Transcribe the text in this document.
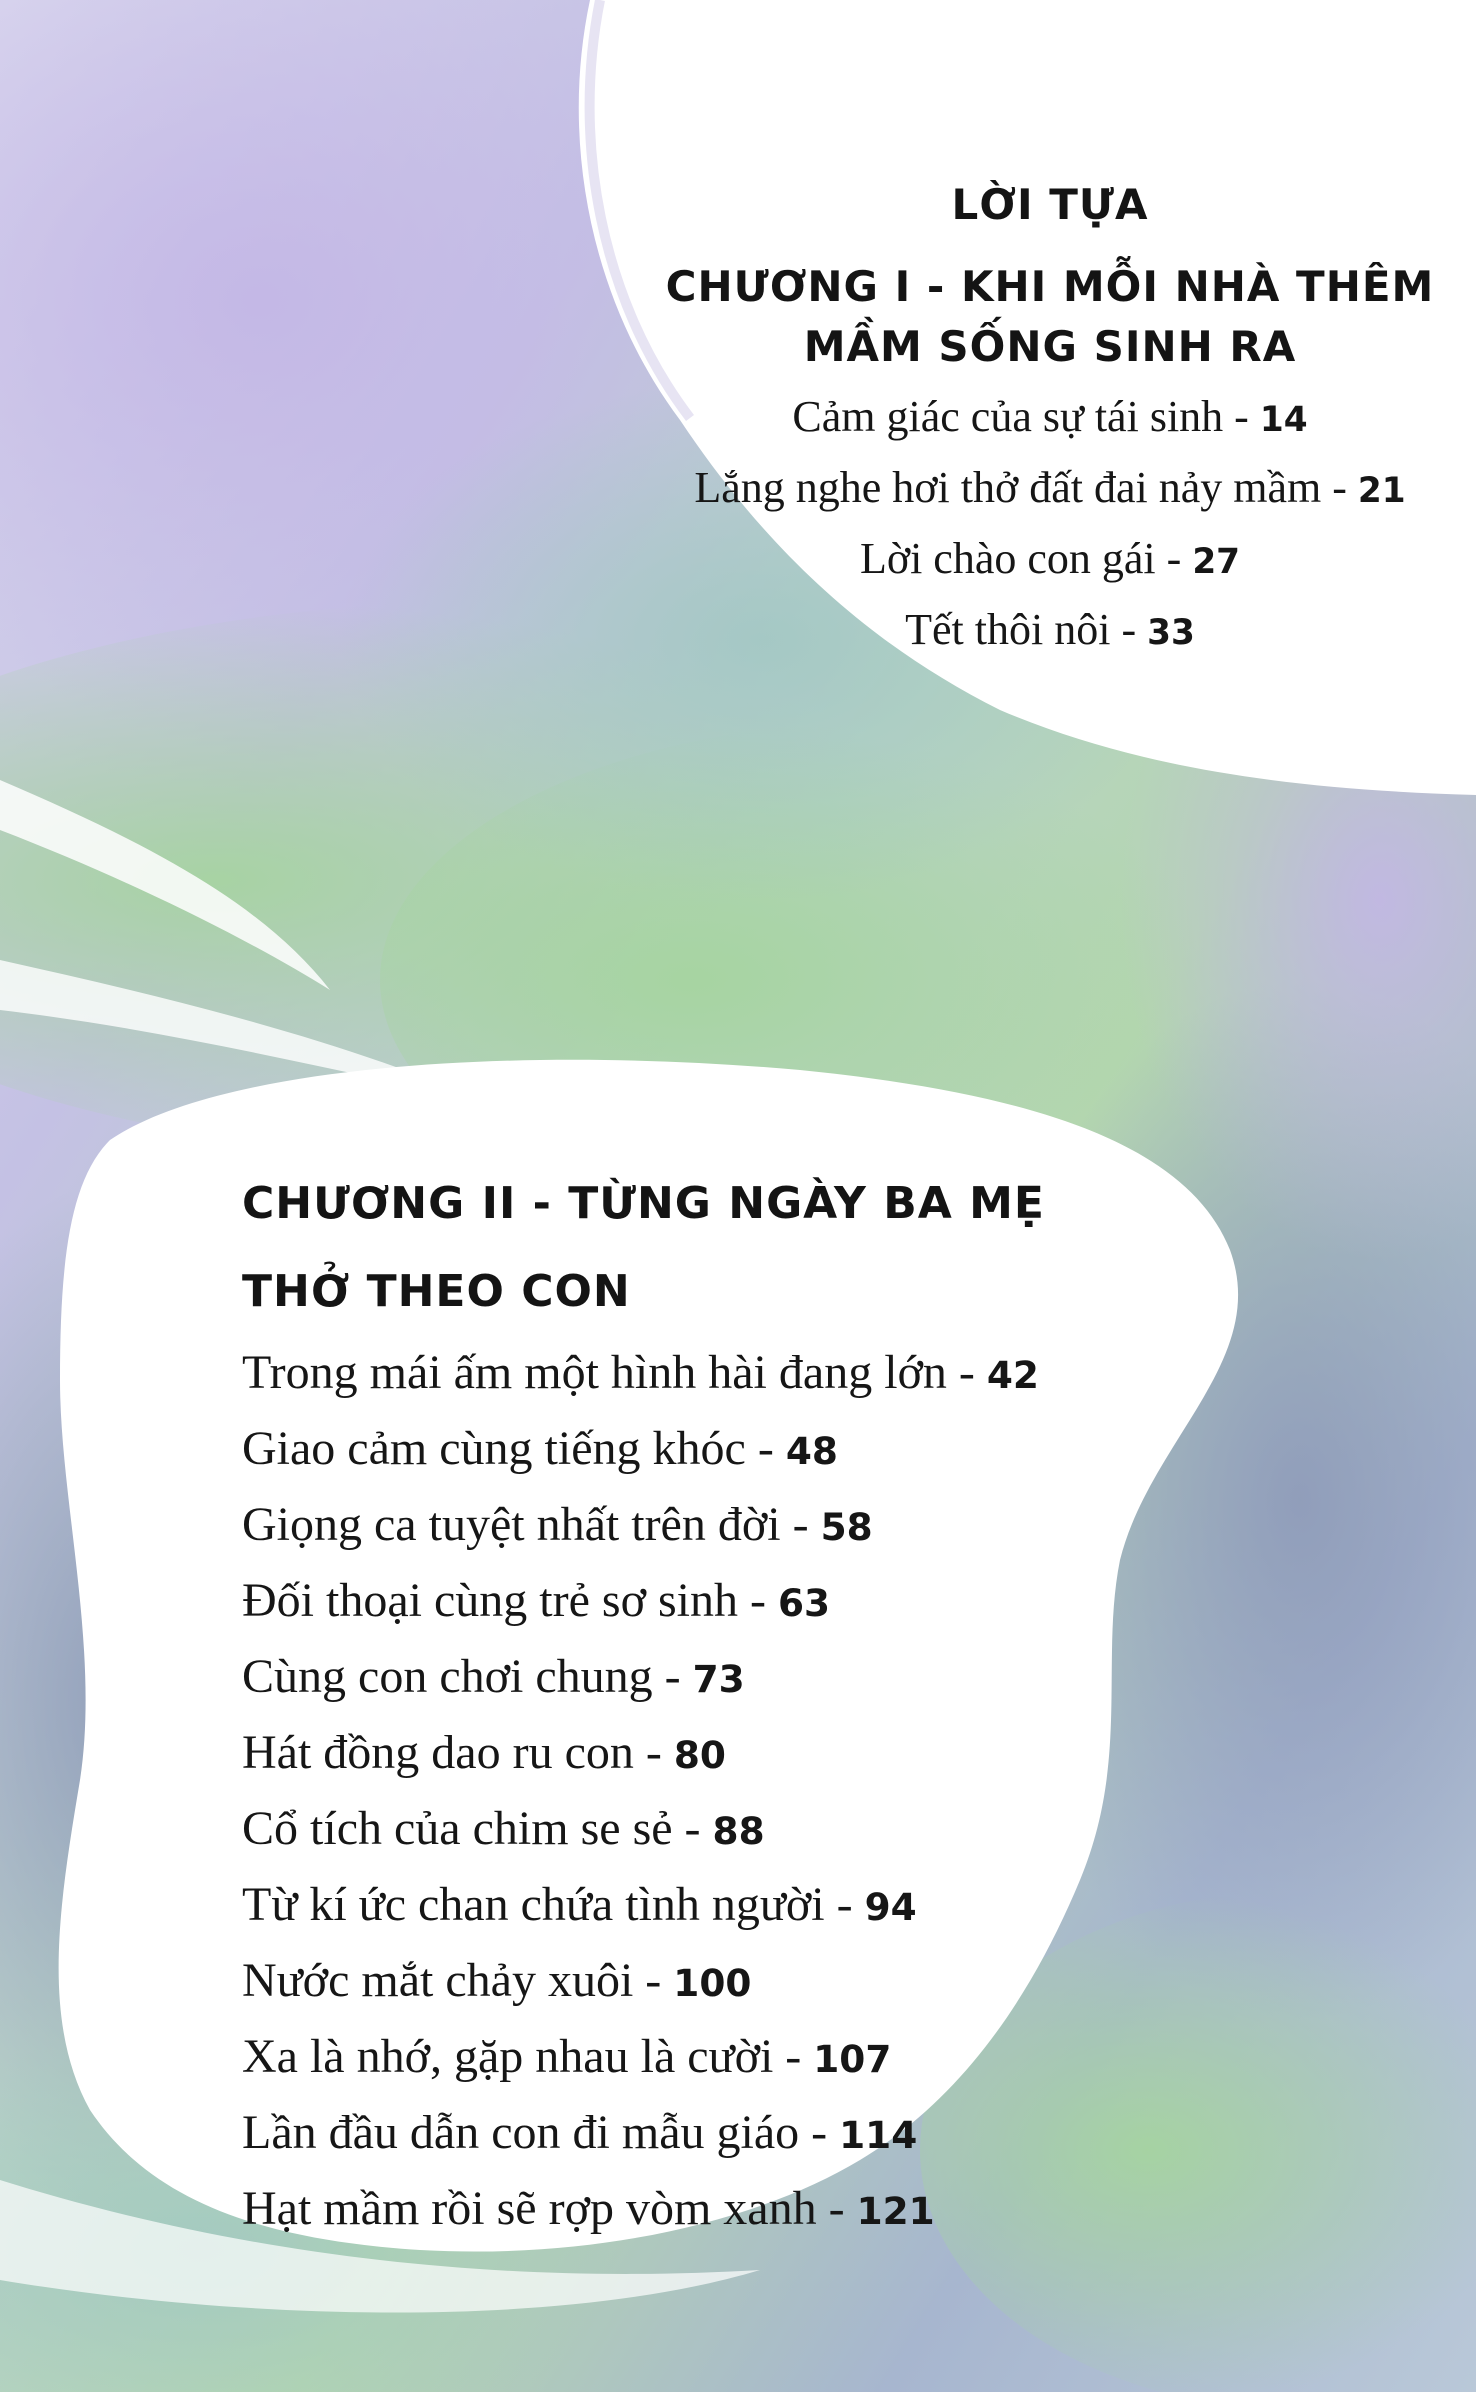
LỜI TỰA

CHƯƠNG I - KHI MỖI NHÀ THÊM

MẦM SỐNG SINH RA

Cảm giác của sự tái sinh - 14

Lắng nghe hơi thở đất đai nảy mầm - 21

Lời chào con gái - 27

Tết thôi nôi - 33

CHƯƠNG II - TỪNG NGÀY BA MẸ

THỞ THEO CON

Trong mái ấm một hình hài đang lớn - 42

Giao cảm cùng tiếng khóc - 48

Giọng ca tuyệt nhất trên đời - 58

Đối thoại cùng trẻ sơ sinh - 63

Cùng con chơi chung - 73

Hát đồng dao ru con - 80

Cổ tích của chim se sẻ - 88

Từ kí ức chan chứa tình người - 94

Nước mắt chảy xuôi - 100

Xa là nhớ, gặp nhau là cười - 107

Lần đầu dẫn con đi mẫu giáo - 114

Hạt mầm rồi sẽ rợp vòm xanh - 121
